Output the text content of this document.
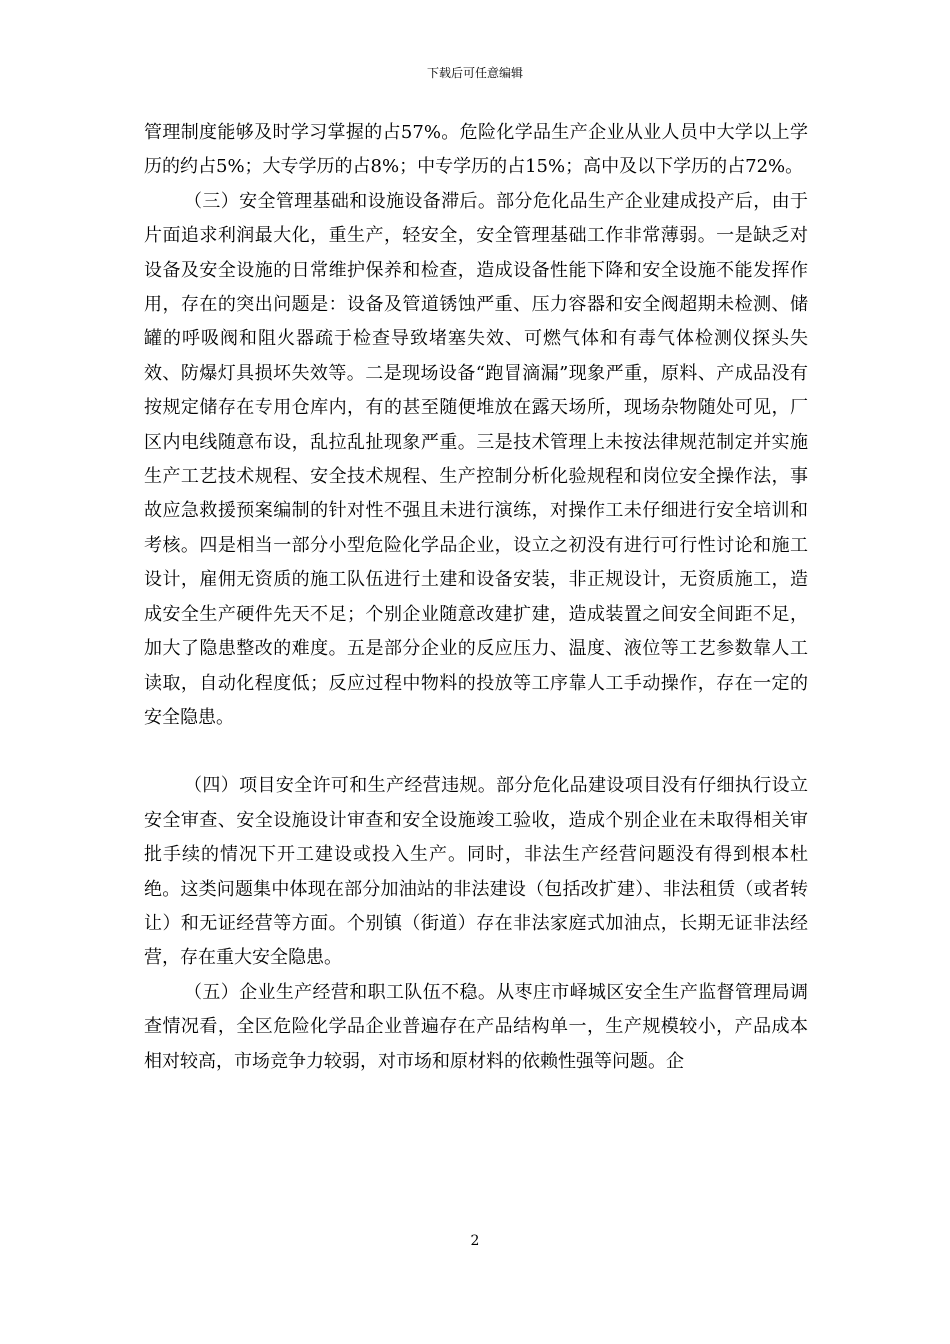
下载后可任意编辑

管理制度能够及时学习掌握的占57%。危险化学品生产企业从业人员中大学以上学历的约占5%；大专学历的占8%；中专学历的占15%；高中及以下学历的占72%。

（三）安全管理基础和设施设备滞后。部分危化品生产企业建成投产后，由于片面追求利润最大化，重生产，轻安全，安全管理基础工作非常薄弱。一是缺乏对设备及安全设施的日常维护保养和检查，造成设备性能下降和安全设施不能发挥作用，存在的突出问题是：设备及管道锈蚀严重、压力容器和安全阀超期未检测、储罐的呼吸阀和阻火器疏于检查导致堵塞失效、可燃气体和有毒气体检测仪探头失效、防爆灯具损坏失效等。二是现场设备“跑冒滴漏”现象严重，原料、产成品没有按规定储存在专用仓库内，有的甚至随便堆放在露天场所，现场杂物随处可见，厂区内电线随意布设，乱拉乱扯现象严重。三是技术管理上未按法律规范制定并实施生产工艺技术规程、安全技术规程、生产控制分析化验规程和岗位安全操作法，事故应急救援预案编制的针对性不强且未进行演练，对操作工未仔细进行安全培训和考核。四是相当一部分小型危险化学品企业，设立之初没有进行可行性讨论和施工设计，雇佣无资质的施工队伍进行土建和设备安装，非正规设计，无资质施工，造成安全生产硬件先天不足；个别企业随意改建扩建，造成装置之间安全间距不足，加大了隐患整改的难度。五是部分企业的反应压力、温度、液位等工艺参数靠人工读取，自动化程度低；反应过程中物料的投放等工序靠人工手动操作，存在一定的安全隐患。

（四）项目安全许可和生产经营违规。部分危化品建设项目没有仔细执行设立安全审查、安全设施设计审查和安全设施竣工验收，造成个别企业在未取得相关审批手续的情况下开工建设或投入生产。同时，非法生产经营问题没有得到根本杜绝。这类问题集中体现在部分加油站的非法建设（包括改扩建）、非法租赁（或者转让）和无证经营等方面。个别镇（街道）存在非法家庭式加油点，长期无证非法经营，存在重大安全隐患。

（五）企业生产经营和职工队伍不稳。从枣庄市峄城区安全生产监督管理局调查情况看，全区危险化学品企业普遍存在产品结构单一，生产规模较小，产品成本相对较高，市场竞争力较弱，对市场和原材料的依赖性强等问题。企

2
